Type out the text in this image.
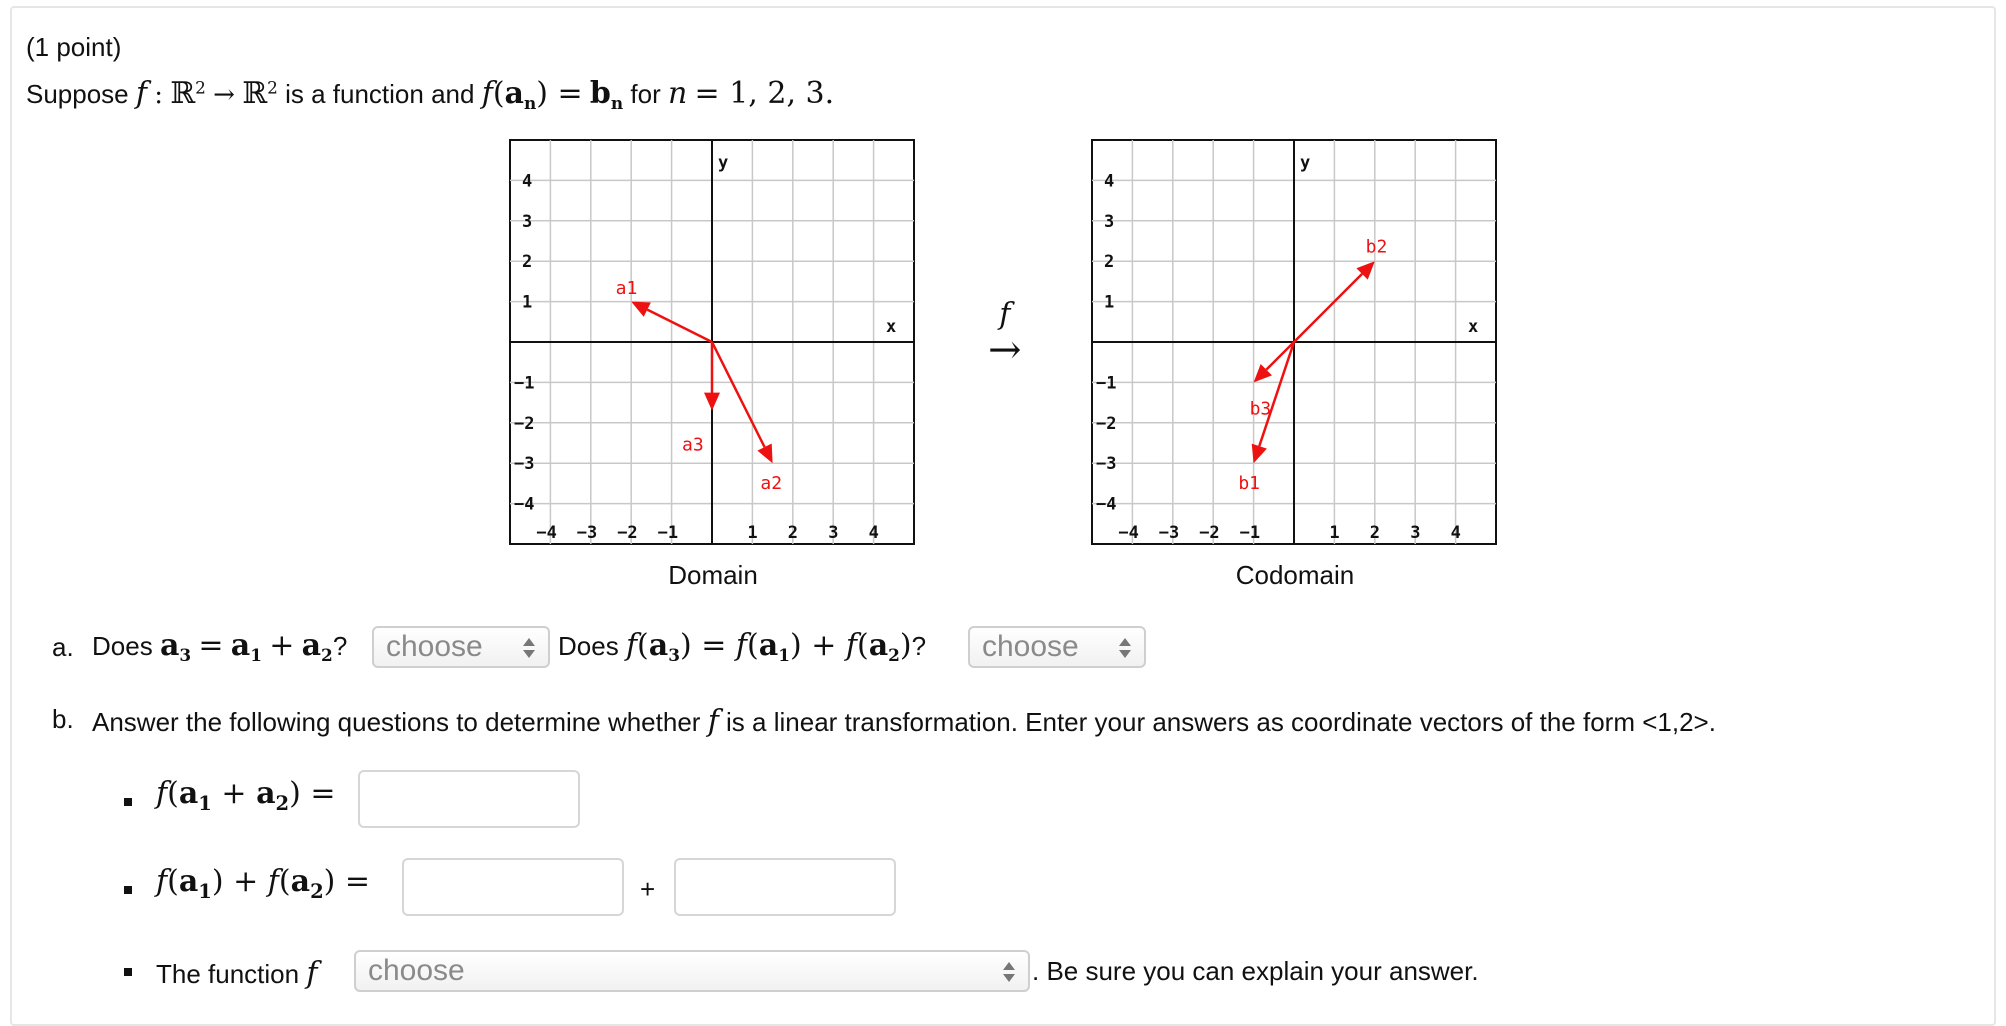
(1 point)
Suppose f : ℝ$^2$ → ℝ$^2$ is a function and $f(a_n) = b_n$ for n = 1, 2, 3.
−4 −3 −2 −1	1 2 3 4
4
3
2
1
−1
−2
−3
−4
y
x
a1
a2
a3
Domain
f
→
−4 −3 −2 −1	1 2 3 4
4
3
2
1
−1
−2
−3
−4
y
x
b1
b2
b3
Codomain
a. Does $a_3 = a_1 + a_2$?	choose	Does $f(a_3) = f(a_1) + f(a_2)$?	choose
b. Answer the following questions to determine whether f is a linear transformation. Enter your answers as coordinate vectors of the form <1,2>.
$f(a_1 + a_2)$ =
$f(a_1) + f(a_2)$ =	+
The function f	choose	. Be sure you can explain your answer.
